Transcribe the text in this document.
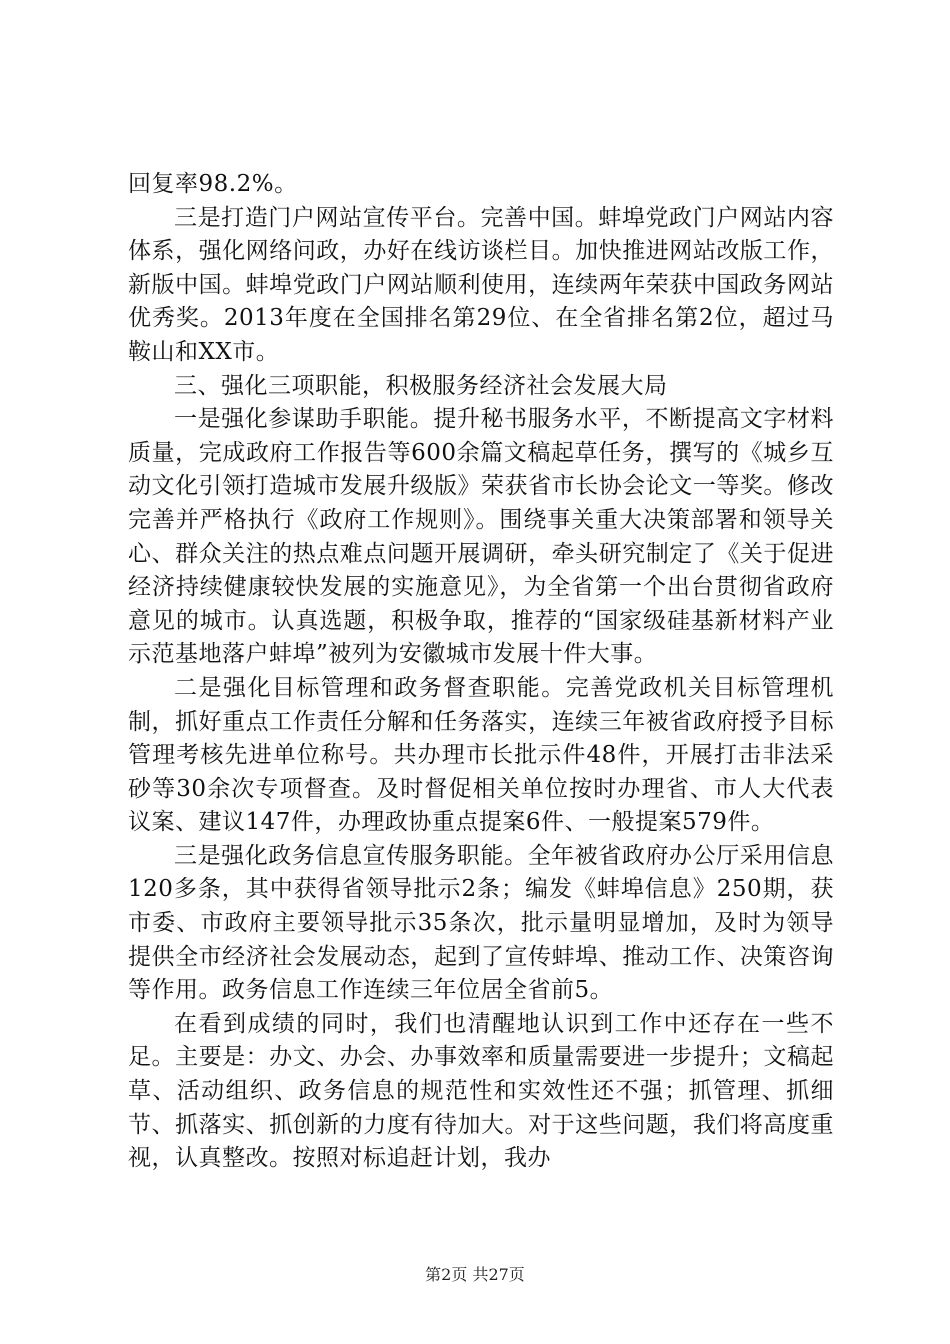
回复率98.2%。

三是打造门户网站宣传平台。完善中国。蚌埠党政门户网站内容体系，强化网络问政，办好在线访谈栏目。加快推进网站改版工作，新版中国。蚌埠党政门户网站顺利使用，连续两年荣获中国政务网站优秀奖。2013年度在全国排名第29位、在全省排名第2位，超过马鞍山和XX市。

三、强化三项职能，积极服务经济社会发展大局

一是强化参谋助手职能。提升秘书服务水平，不断提高文字材料质量，完成政府工作报告等600余篇文稿起草任务，撰写的《城乡互动文化引领打造城市发展升级版》荣获省市长协会论文一等奖。修改完善并严格执行《政府工作规则》。围绕事关重大决策部署和领导关心、群众关注的热点难点问题开展调研，牵头研究制定了《关于促进经济持续健康较快发展的实施意见》，为全省第一个出台贯彻省政府意见的城市。认真选题，积极争取，推荐的“国家级硅基新材料产业示范基地落户蚌埠”被列为安徽城市发展十件大事。

二是强化目标管理和政务督查职能。完善党政机关目标管理机制，抓好重点工作责任分解和任务落实，连续三年被省政府授予目标管理考核先进单位称号。共办理市长批示件48件，开展打击非法采砂等30余次专项督查。及时督促相关单位按时办理省、市人大代表议案、建议147件，办理政协重点提案6件、一般提案579件。

三是强化政务信息宣传服务职能。全年被省政府办公厅采用信息120多条，其中获得省领导批示2条；编发《蚌埠信息》250期，获市委、市政府主要领导批示35条次，批示量明显增加，及时为领导提供全市经济社会发展动态，起到了宣传蚌埠、推动工作、决策咨询等作用。政务信息工作连续三年位居全省前5。

在看到成绩的同时，我们也清醒地认识到工作中还存在一些不足。主要是：办文、办会、办事效率和质量需要进一步提升；文稿起草、活动组织、政务信息的规范性和实效性还不强；抓管理、抓细节、抓落实、抓创新的力度有待加大。对于这些问题，我们将高度重视，认真整改。按照对标追赶计划，我办

第2页 共27页
